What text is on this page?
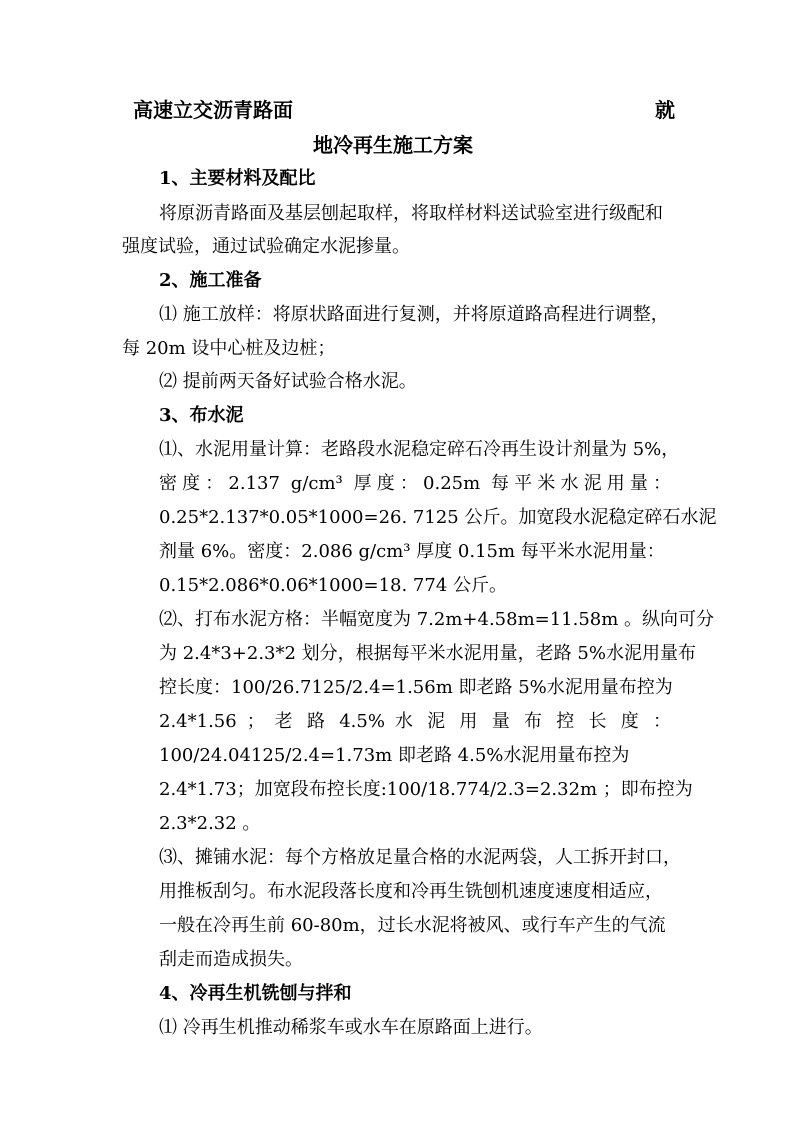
高速立交沥青路面	就
地冷再生施工方案
1、主要材料及配比
将原沥青路面及基层刨起取样，将取样材料送试验室进行级配和
强度试验，通过试验确定水泥掺量。
2、施工准备
⑴ 施工放样：将原状路面进行复测，并将原道路高程进行调整，
每 20m 设中心桩及边桩；
⑵ 提前两天备好试验合格水泥。
3、布水泥
⑴、水泥用量计算：老路段水泥稳定碎石冷再生设计剂量为 5%，
密度：2.137 g/cm³ 厚度：0.25m 每平米水泥用量：
0.25*2.137*0.05*1000=26. 7125 公斤。加宽段水泥稳定碎石水泥
剂量 6%。密度：2.086 g/cm³ 厚度 0.15m 每平米水泥用量：
0.15*2.086*0.06*1000=18. 774 公斤。
⑵、打布水泥方格：半幅宽度为 7.2m+4.58m=11.58m 。纵向可分
为 2.4*3+2.3*2 划分，根据每平米水泥用量，老路 5%水泥用量布
控长度：100/26.7125/2.4=1.56m 即老路 5%水泥用量布控为
2.4*1.56 ； 老 路 4.5% 水 泥 用 量 布 控 长 度 ：
100/24.04125/2.4=1.73m 即老路 4.5%水泥用量布控为
2.4*1.73；加宽段布控长度:100/18.774/2.3=2.32m ；即布控为
2.3*2.32 。
⑶、摊铺水泥：每个方格放足量合格的水泥两袋，人工拆开封口，
用推板刮匀。布水泥段落长度和冷再生铣刨机速度速度相适应，
一般在冷再生前 60-80m，过长水泥将被风、或行车产生的气流
刮走而造成损失。
4、冷再生机铣刨与拌和
⑴ 冷再生机推动稀浆车或水车在原路面上进行。
